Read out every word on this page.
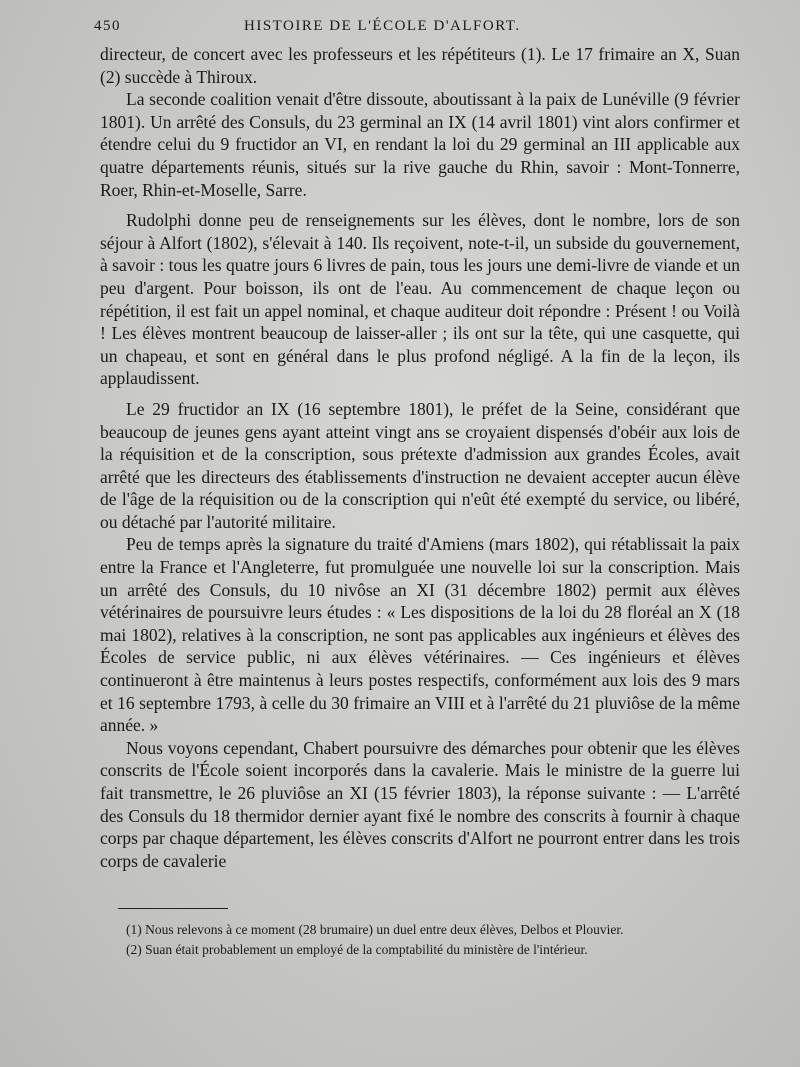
450	HISTOIRE DE L'ÉCOLE D'ALFORT.

directeur, de concert avec les professeurs et les répétiteurs (1). Le 17 frimaire an X, Suan (2) succède à Thiroux.

La seconde coalition venait d'être dissoute, aboutissant à la paix de Lunéville (9 février 1801). Un arrêté des Consuls, du 23 germinal an IX (14 avril 1801) vint alors confirmer et étendre celui du 9 fructidor an VI, en rendant la loi du 29 germinal an III applicable aux quatre départements réunis, situés sur la rive gauche du Rhin, savoir : Mont-Tonnerre, Roer, Rhin-et-Moselle, Sarre.

Rudolphi donne peu de renseignements sur les élèves, dont le nombre, lors de son séjour à Alfort (1802), s'élevait à 140. Ils reçoivent, note-t-il, un subside du gouvernement, à savoir : tous les quatre jours 6 livres de pain, tous les jours une demi-livre de viande et un peu d'argent. Pour boisson, ils ont de l'eau. Au commencement de chaque leçon ou répétition, il est fait un appel nominal, et chaque auditeur doit répondre : Présent ! ou Voilà ! Les élèves montrent beaucoup de laisser-aller ; ils ont sur la tête, qui une casquette, qui un chapeau, et sont en général dans le plus profond négligé. A la fin de la leçon, ils applaudissent.

Le 29 fructidor an IX (16 septembre 1801), le préfet de la Seine, considérant que beaucoup de jeunes gens ayant atteint vingt ans se croyaient dispensés d'obéir aux lois de la réquisition et de la conscription, sous prétexte d'admission aux grandes Écoles, avait arrêté que les directeurs des établissements d'instruction ne devaient accepter aucun élève de l'âge de la réquisition ou de la conscription qui n'eût été exempté du service, ou libéré, ou détaché par l'autorité militaire.

Peu de temps après la signature du traité d'Amiens (mars 1802), qui rétablissait la paix entre la France et l'Angleterre, fut promulguée une nouvelle loi sur la conscription. Mais un arrêté des Consuls, du 10 nivôse an XI (31 décembre 1802) permit aux élèves vétérinaires de poursuivre leurs études : « Les dispositions de la loi du 28 floréal an X (18 mai 1802), relatives à la conscription, ne sont pas applicables aux ingénieurs et élèves des Écoles de service public, ni aux élèves vétérinaires. — Ces ingénieurs et élèves continueront à être maintenus à leurs postes respectifs, conformément aux lois des 9 mars et 16 septembre 1793, à celle du 30 frimaire an VIII et à l'arrêté du 21 pluviôse de la même année. »

Nous voyons cependant, Chabert poursuivre des démarches pour obtenir que les élèves conscrits de l'École soient incorporés dans la cavalerie. Mais le ministre de la guerre lui fait transmettre, le 26 pluviôse an XI (15 février 1803), la réponse suivante : — L'arrêté des Consuls du 18 thermidor dernier ayant fixé le nombre des conscrits à fournir à chaque corps par chaque département, les élèves conscrits d'Alfort ne pourront entrer dans les trois corps de cavalerie

(1) Nous relevons à ce moment (28 brumaire) un duel entre deux élèves, Delbos et Plouvier.

(2) Suan était probablement un employé de la comptabilité du ministère de l'intérieur.
